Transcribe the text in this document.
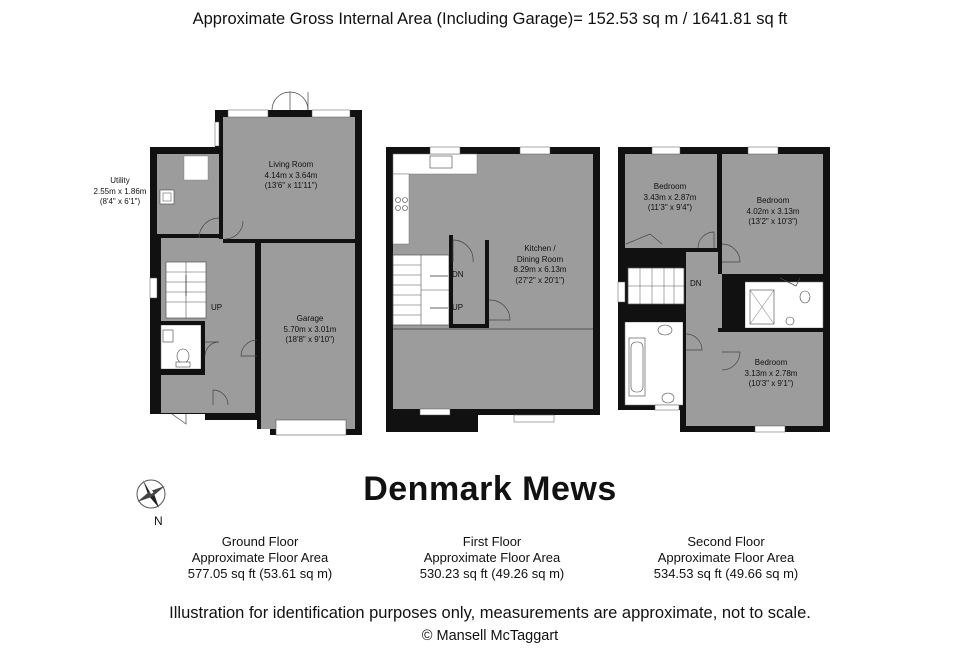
Approximate Gross Internal Area (Including Garage)= 152.53 sq m / 1641.81 sq ft
Utility
2.55m x 1.86m
(8'4" x 6'1")
Living Room
4.14m x 3.64m
(13'6" x 11'11")
Garage
5.70m x 3.01m
(18'8" x 9'10")
UP
Kitchen /
Dining Room
8.29m x 6.13m
(27'2" x 20'1")
DN
UP
Bedroom
3.43m x 2.87m
(11'3" x 9'4")
Bedroom
4.02m x 3.13m
(13'2" x 10'3")
Bedroom
3.13m x 2.78m
(10'3" x 9'1")
DN
Denmark Mews
N
Ground Floor
Approximate Floor Area
577.05 sq ft (53.61 sq m)
First Floor
Approximate Floor Area
530.23 sq ft (49.26 sq m)
Second Floor
Approximate Floor Area
534.53 sq ft (49.66 sq m)
Illustration for identification purposes only, measurements are approximate, not to scale.
© Mansell McTaggart
